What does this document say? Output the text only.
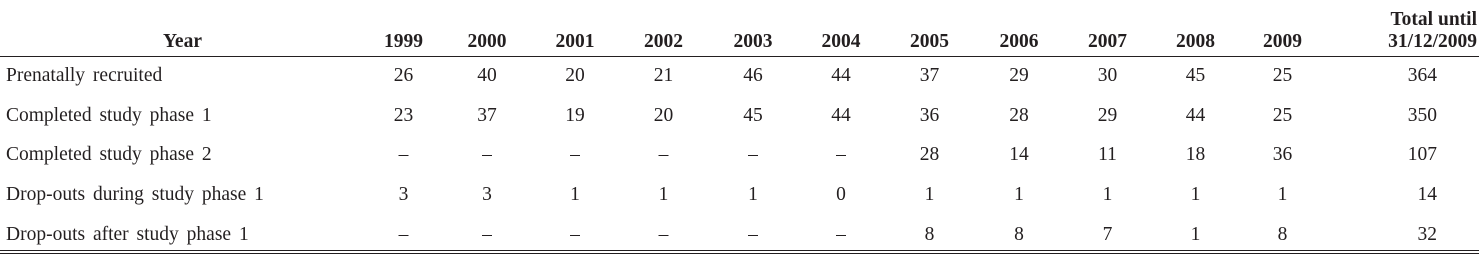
Year	1999	2000	2001	2002	2003	2004	2005	2006	2007	2008	2009	Total until
31/12/2009
Prenatally recruited	26	40	20	21	46	44	37	29	30	45	25	364
Completed study phase 1	23	37	19	20	45	44	36	28	29	44	25	350
Completed study phase 2	–	–	–	–	–	–	28	14	11	18	36	107
Drop-outs during study phase 1	3	3	1	1	1	0	1	1	1	1	1	14
Drop-outs after study phase 1	–	–	–	–	–	–	8	8	7	1	8	32
